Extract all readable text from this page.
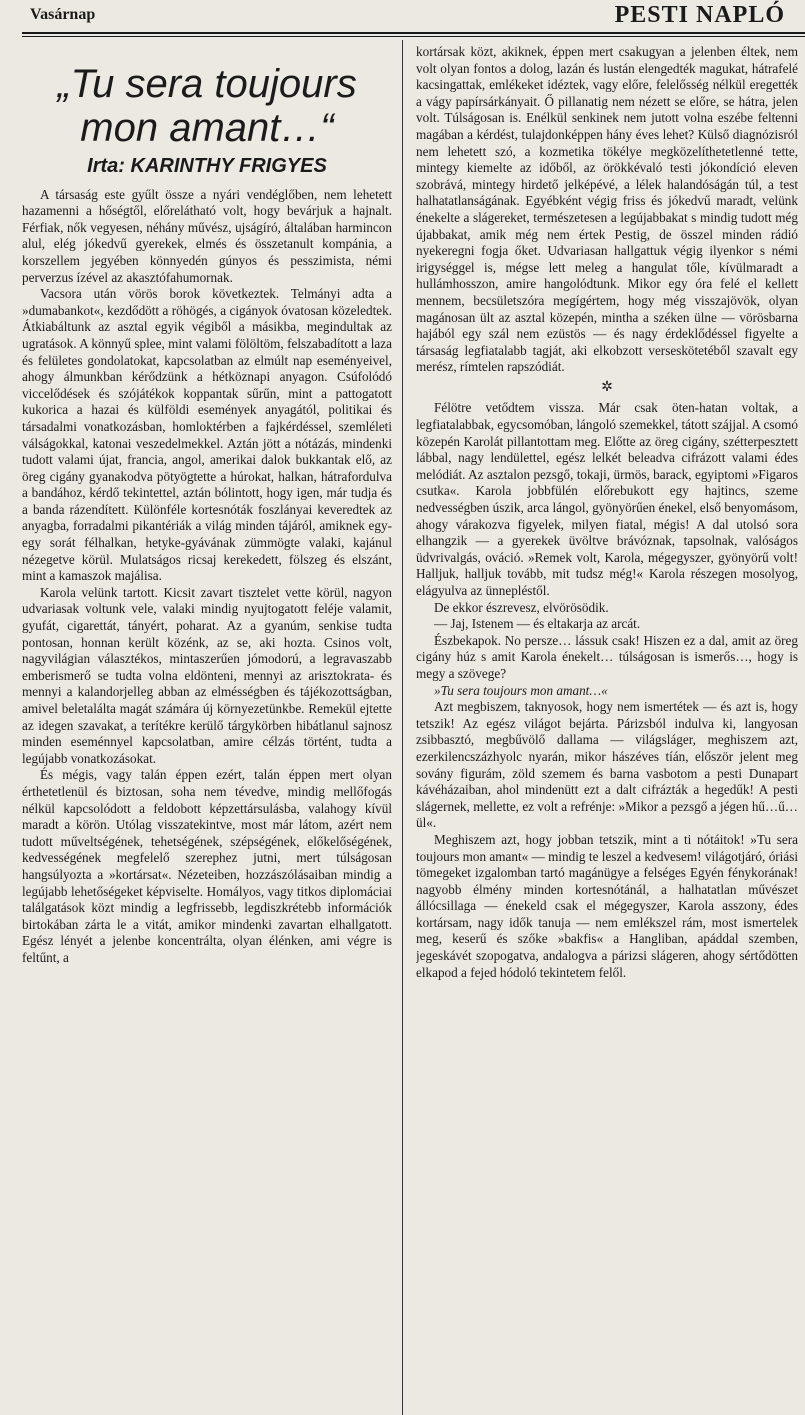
Vasárnap	PESTI NAPLÓ
„Tu sera toujours mon amant…“
Irta: KARINTHY FRIGYES

A társaság este gyűlt össze a nyári vendéglőben, nem lehetett hazamenni a hőségtől, előrelátható volt, hogy bevárjuk a hajnalt. Férfiak, nők vegyesen, néhány művész, ujságíró, általában harmincon alul, elég jókedvű gyerekek, elmés és összetanult kompánia, a korszellem jegyében könnyedén gúnyos és pesszimista, némi perverzus ízével az akasztófahumornak.

Vacsora után vörös borok következtek. Telmányi adta a »dumabankot«, kezdődött a röhögés, a cigányok óvatosan közeledtek. Átkiabáltunk az asztal egyik végiből a másikba, megindultak az ugratások. A könnyű splee, mint valami fölöltöm, felszabadított a laza és felületes gondolatokat, kapcsolatban az elmúlt nap eseményeivel, ahogy álmunkban kérődzünk a hétköznapi anyagon. Csúfolódó viccelődések és szójátékok koppantak sűrűn, mint a pattogatott kukorica a hazai és külföldi események anyagától, politikai és társadalmi vonatkozásban, homloktérben a fajkérdéssel, szemléleti válságokkal, katonai veszedelmekkel. Aztán jött a nótázás, mindenki tudott valami újat, francia, angol, amerikai dalok bukkantak elő, az öreg cigány gyanakodva pötyögtette a húrokat, halkan, hátrafordulva a bandához, kérdő tekintettel, aztán bólintott, hogy igen, már tudja és a banda rázendített. Különféle kortesnóták foszlányai keveredtek az anyagba, forradalmi pikantériák a világ minden tájáról, amiknek egy-egy sorát félhalkan, hetyke-gyávának zümmögte valaki, kajánul nézegetve körül. Mulatságos ricsaj kerekedett, fölszeg és elszánt, mint a kamaszok majálisa.

Karola velünk tartott. Kicsit zavart tisztelet vette körül, nagyon udvariasak voltunk vele, valaki mindig nyujtogatott feléje valamit, gyufát, cigarettát, tányért, poharat. Az a gyanúm, senkise tudta pontosan, honnan került közénk, az se, aki hozta. Csinos volt, nagyvilágian választékos, mintaszerűen jómodorú, a legravaszabb emberismerő se tudta volna eldönteni, mennyi az arisztokrata- és mennyi a kalandorjelleg abban az elmésségben és tájékozottságban, amivel beletalálta magát számára új környezetünkbe. Remekül ejtette az idegen szavakat, a terítékre kerülő tárgykörben hibátlanul sajnosz minden eseménnyel kapcsolatban, amire célzás történt, tudta a legújabb vonatkozásokat.

És mégis, vagy talán éppen ezért, talán éppen mert olyan érthetetlenül és biztosan, soha nem tévedve, mindig mellőfogás nélkül kapcsolódott a feldobott képzettársulásba, valahogy kívül maradt a körön. Utólag visszatekintve, most már látom, azért nem tudott műveltségének, tehetségének, szépségének, előkelőségének, kedvességének megfelelő szerephez jutni, mert túlságosan hangsúlyozta a »kortársat«. Nézeteiben, hozzászólásaiban mindig a legújabb lehetőségeket képviselte. Homályos, vagy titkos diplomáciai találgatások közt mindig a legfrissebb, legdiszkrétebb információk birtokában zárta le a vitát, amikor mindenki zavartan elhallgatott. Egész lényét a jelenbe koncentrálta, olyan élénken, ami végre is feltűnt, a

kortársak közt, akiknek, éppen mert csakugyan a jelenben éltek, nem volt olyan fontos a dolog, lazán és lustán elengedték magukat, hátrafelé kacsingattak, emlékeket idéztek, vagy előre, felelősség nélkül eregették a vágy papírsárkányait. Ő pillanatig nem nézett se előre, se hátra, jelen volt. Túlságosan is. Enélkül senkinek nem jutott volna eszébe feltenni magában a kérdést, tulajdonképpen hány éves lehet? Külső diagnózisról nem lehetett szó, a kozmetika tökélye megközelíthetetlenné tette, mintegy kiemelte az időből, az örökkévaló testi jókondíció eleven szobrává, mintegy hirdető jelképévé, a lélek halandóságán túl, a test halhatatlanságának. Egyébként végig friss és jókedvű maradt, velünk énekelte a slágereket, természetesen a legújabbakat s mindig tudott még újabbakat, amik még nem értek Pestig, de összel minden rádió nyekeregni fogja őket. Udvariasan hallgattuk végig ilyenkor s némi irigységgel is, mégse lett meleg a hangulat tőle, kívülmaradt a hullámhosszon, amire hangolódtunk. Mikor egy óra felé el kellett mennem, becsületszóra megígértem, hogy még visszajövök, olyan magánosan ült az asztal közepén, mintha a széken ülne — vörösbarna hajából egy szál nem ezüstös — és nagy érdeklődéssel figyelte a társaság legfiatalabb tagját, aki elkobzott verseskötetéből szavalt egy merész, rímtelen rapszódiát.

✲

Félötre vetődtem vissza. Már csak öten-hatan voltak, a legfiatalabbak, egycsomóban, lángoló szemekkel, tátott szájjal. A csomó közepén Karolát pillantottam meg. Előtte az öreg cigány, szétterpesztett lábbal, nagy lendülettel, egész lelkét beleadva cifrázott valami édes melódiát. Az asztalon pezsgő, tokaji, ürmös, barack, egyiptomi »Figaros csutka«. Karola jobbfülén előrebukott egy hajtincs, szeme nedvességben úszik, arca lángol, gyönyörűen énekel, első benyomásom, ahogy várakozva figyelek, milyen fiatal, mégis! A dal utolsó sora elhangzik — a gyerekek üvöltve brávóznak, tapsolnak, valóságos üdvrivalgás, ováció. »Remek volt, Karola, mégegyszer, gyönyörű volt! Halljuk, halljuk tovább, mit tudsz még!« Karola részegen mosolyog, elágyulva az ünnepléstől.

De ekkor észrevesz, elvörösödik.

— Jaj, Istenem — és eltakarja az arcát.

Észbekapok. No persze… lássuk csak! Hiszen ez a dal, amit az öreg cigány húz s amit Karola énekelt… túlságosan is ismerős…, hogy is megy a szövege?

»Tu sera toujours mon amant…«

Azt megbiszem, taknyosok, hogy nem ismertétek — és azt is, hogy tetszik! Az egész világot bejárta. Párizsból indulva ki, langyosan zsibbasztó, megbűvölő dallama — világsláger, meghiszem azt, ezerkilencszázhyolc nyarán, mikor hászéves tíán, először jelent meg sovány figurám, zöld szemem és barna vasbotom a pesti Dunapart kávéházaiban, ahol mindenütt ezt a dalt cifrázták a hegedűk! A pesti slágernek, mellette, ez volt a refrénje: »Mikor a pezsgő a jégen hű…ű…ül«.

Meghiszem azt, hogy jobban tetszik, mint a ti nótáitok! »Tu sera toujours mon amant« — mindig te leszel a kedvesem! világotjáró, óriási tömegeket izgalomban tartó magánügye a felséges Egyén fénykorának! nagyobb élmény minden kortesnótánál, a halhatatlan művészet állócsillaga — énekeld csak el mégegyszer, Karola asszony, édes kortársam, nagy idők tanuja — nem emlékszel rám, most ismertelek meg, keserű és szőke »bakfis« a Hangliban, apáddal szemben, jegeskávét szopogatva, andalogva a párizsi slágeren, ahogy sértődötten elkapod a fejed hódoló tekintetem felől.
